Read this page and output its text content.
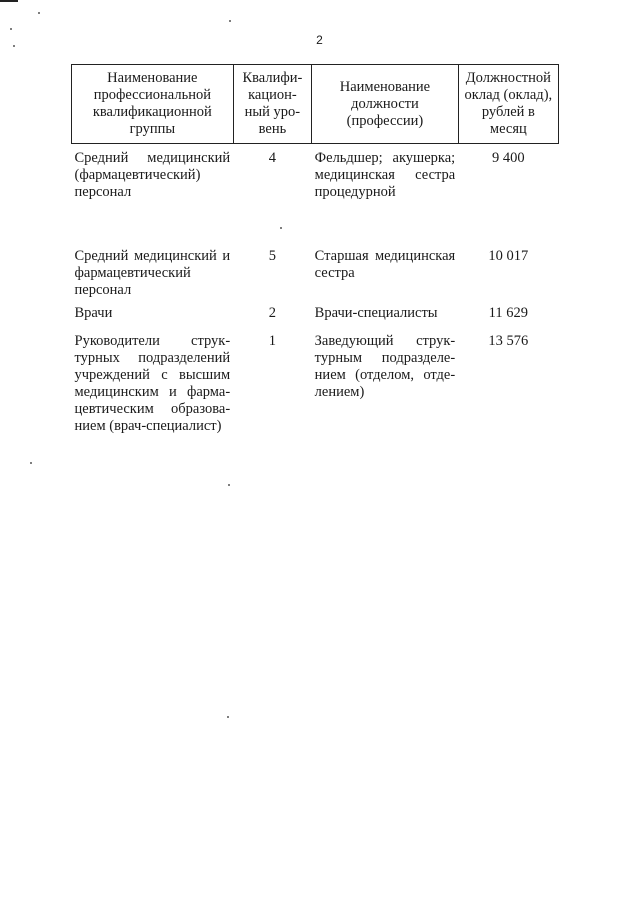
2
Наименование профессиональной квалификационной группы	Квалифи-кацион-ный уро-вень	Наименование должности (профессии)	Должностной оклад (оклад), рублей в месяц
Средний медицинский (фармацевтический) персонал	4	Фельдшер; акушерка; медицинская сестра процедурной	9 400
Средний медицинский и фармацевтический персонал	5	Старшая медицинская сестра	10 017
Врачи	2	Врачи-специалисты	11 629
Руководители струк-турных подразделений учреждений с высшим медицинским и фарма-цевтическим образова-нием (врач-специалист)	1	Заведующий струк-турным подразделе-нием (отделом, отде-лением)	13 576
